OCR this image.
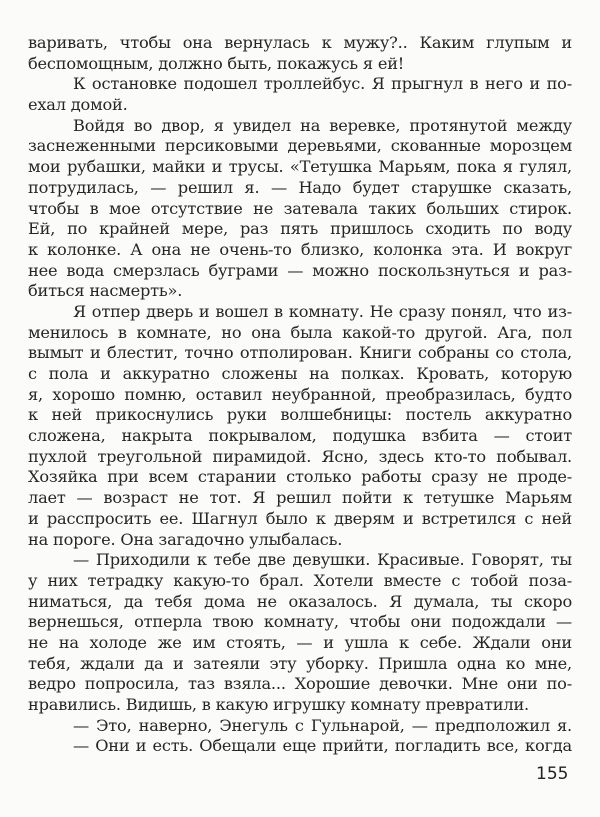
варивать, чтобы она вернулась к мужу?.. Каким глупым и
беспомощным, должно быть, покажусь я ей!
К остановке подошел троллейбус. Я прыгнул в него и по-
ехал домой.
Войдя во двор, я увидел на веревке, протянутой между
заснеженными персиковыми деревьями, скованные морозцем
мои рубашки, майки и трусы. «Тетушка Марьям, пока я гулял,
потрудилась, — решил я. — Надо будет старушке сказать,
чтобы в мое отсутствие не затевала таких больших стирок.
Ей, по крайней мере, раз пять пришлось сходить по воду
к колонке. А она не очень-то близко, колонка эта. И вокруг
нее вода смерзлась буграми — можно поскользнуться и раз-
биться насмерть».
Я отпер дверь и вошел в комнату. Не сразу понял, что из-
менилось в комнате, но она была какой-то другой. Ага, пол
вымыт и блестит, точно отполирован. Книги собраны со стола,
с пола и аккуратно сложены на полках. Кровать, которую
я, хорошо помню, оставил неубранной, преобразилась, будто
к ней прикоснулись руки волшебницы: постель аккуратно
сложена, накрыта покрывалом, подушка взбита — стоит
пухлой треугольной пирамидой. Ясно, здесь кто-то побывал.
Хозяйка при всем старании столько работы сразу не проде-
лает — возраст не тот. Я решил пойти к тетушке Марьям
и расспросить ее. Шагнул было к дверям и встретился с ней
на пороге. Она загадочно улыбалась.
— Приходили к тебе две девушки. Красивые. Говорят, ты
у них тетрадку какую-то брал. Хотели вместе с тобой поза-
ниматься, да тебя дома не оказалось. Я думала, ты скоро
вернешься, отперла твою комнату, чтобы они подождали —
не на холоде же им стоять, — и ушла к себе. Ждали они
тебя, ждали да и затеяли эту уборку. Пришла одна ко мне,
ведро попросила, таз взяла... Хорошие девочки. Мне они по-
нравились. Видишь, в какую игрушку комнату превратили.
— Это, наверно, Энегуль с Гульнарой, — предположил я.
— Они и есть. Обещали еще прийти, погладить все, когда
155
